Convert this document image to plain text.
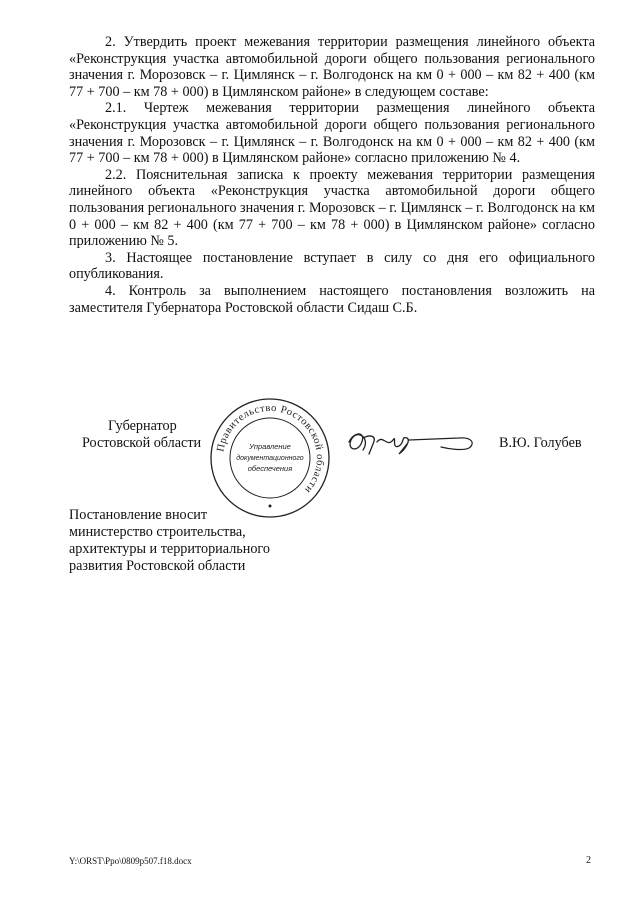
2. Утвердить проект межевания территории размещения линейного объекта «Реконструкция участка автомобильной дороги общего пользования регионального значения г. Морозовск – г. Цимлянск – г. Волгодонск на км 0 + 000 – км 82 + 400 (км 77 + 700 – км 78 + 000) в Цимлянском районе» в следующем составе:

2.1. Чертеж межевания территории размещения линейного объекта «Реконструкция участка автомобильной дороги общего пользования регионального значения г. Морозовск – г. Цимлянск – г. Волгодонск на км 0 + 000 – км 82 + 400 (км 77 + 700 – км 78 + 000) в Цимлянском районе» согласно приложению № 4.

2.2. Пояснительная записка к проекту межевания территории размещения линейного объекта «Реконструкция участка автомобильной дороги общего пользования регионального значения г. Морозовск – г. Цимлянск – г. Волгодонск на км 0 + 000 – км 82 + 400 (км 77 + 700 – км 78 + 000) в Цимлянском районе» согласно приложению № 5.

3. Настоящее постановление вступает в силу со дня его официального опубликования.

4. Контроль за выполнением настоящего постановления возложить на заместителя Губернатора Ростовской области Сидаш С.Б.

Губернатор
Ростовской области Правительство Ростовской области
Управление
документационного
обеспечения
В.Ю. Голубев
Постановление вносит
министерство строительства,
архитектуры и территориального
развития Ростовской области
Y:\ORST\Ppo\0809p507.f18.docx	2
